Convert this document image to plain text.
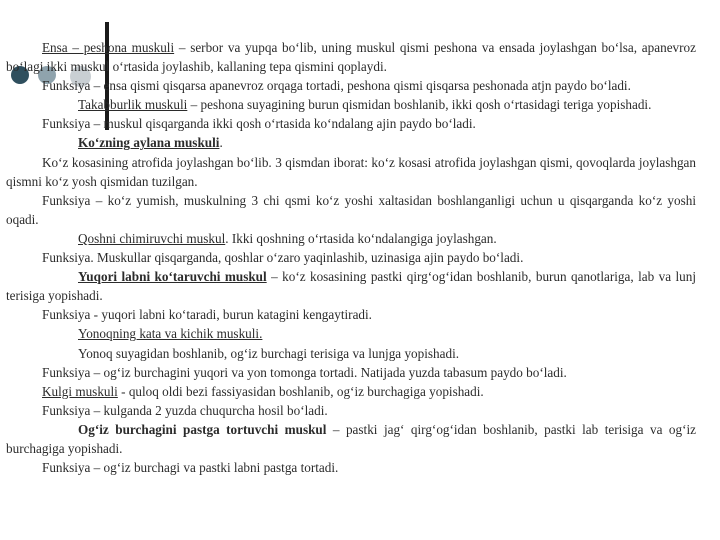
Ensa – peshona muskuli – serbor va yupqa bo‘lib, uning muskul qismi peshona va ensada joylashgan bo‘lsa, apanevroz bo‘lagi ikki muskul o‘rtasida joylashib, kallaning tepa qismini qoplaydi.

Funksiya – ensa qismi qisqarsa apanevroz orqaga tortadi, peshona qismi qisqarsa peshonada atjn paydo bo‘ladi.

Takabburlik muskuli – peshona suyagining burun qismidan boshlanib, ikki qosh o‘rtasidagi teriga yopishadi.

Funksiya – muskul qisqarganda ikki qosh o‘rtasida ko‘ndalang ajin paydo bo‘ladi.

Ko‘zning aylana muskuli.

Ko‘z kosasining atrofida joylashgan bo‘lib. 3 qismdan iborat: ko‘z kosasi atrofida joylashgan qismi, qovoqlarda joylashgan qismni ko‘z yosh qismidan tuzilgan.

Funksiya – ko‘z yumish, muskulning 3 chi qsmi ko‘z yoshi xaltasidan boshlanganligi uchun u qisqarganda ko‘z yoshi oqadi.

Qoshni chimiruvchi muskul. Ikki qoshning o‘rtasida ko‘ndalangiga joylashgan.

Funksiya. Muskullar qisqarganda, qoshlar o‘zaro yaqinlashib, uzinasiga ajin paydo bo‘ladi.

Yuqori labni ko‘taruvchi muskul – ko‘z kosasining pastki qirg‘og‘idan boshlanib, burun qanotlariga, lab va lunj terisiga yopishadi.

Funksiya - yuqori labni ko‘taradi, burun katagini kengaytiradi.

Yonoqning kata va kichik muskuli.

Yonoq suyagidan boshlanib, og‘iz burchagi terisiga va lunjga yopishadi.

Funksiya – og‘iz burchagini yuqori va yon tomonga tortadi. Natijada yuzda tabasum paydo bo‘ladi.

Kulgi muskuli - quloq oldi bezi fassiyasidan boshlanib, og‘iz burchagiga yopishadi.

Funksiya – kulganda 2 yuzda chuqurcha hosil bo‘ladi.

Og‘iz burchagini pastga tortuvchi muskul – pastki jag‘ qirg‘og‘idan boshlanib, pastki lab terisiga va og‘iz burchagiga yopishadi.

Funksiya – og‘iz burchagi va pastki labni pastga tortadi.
